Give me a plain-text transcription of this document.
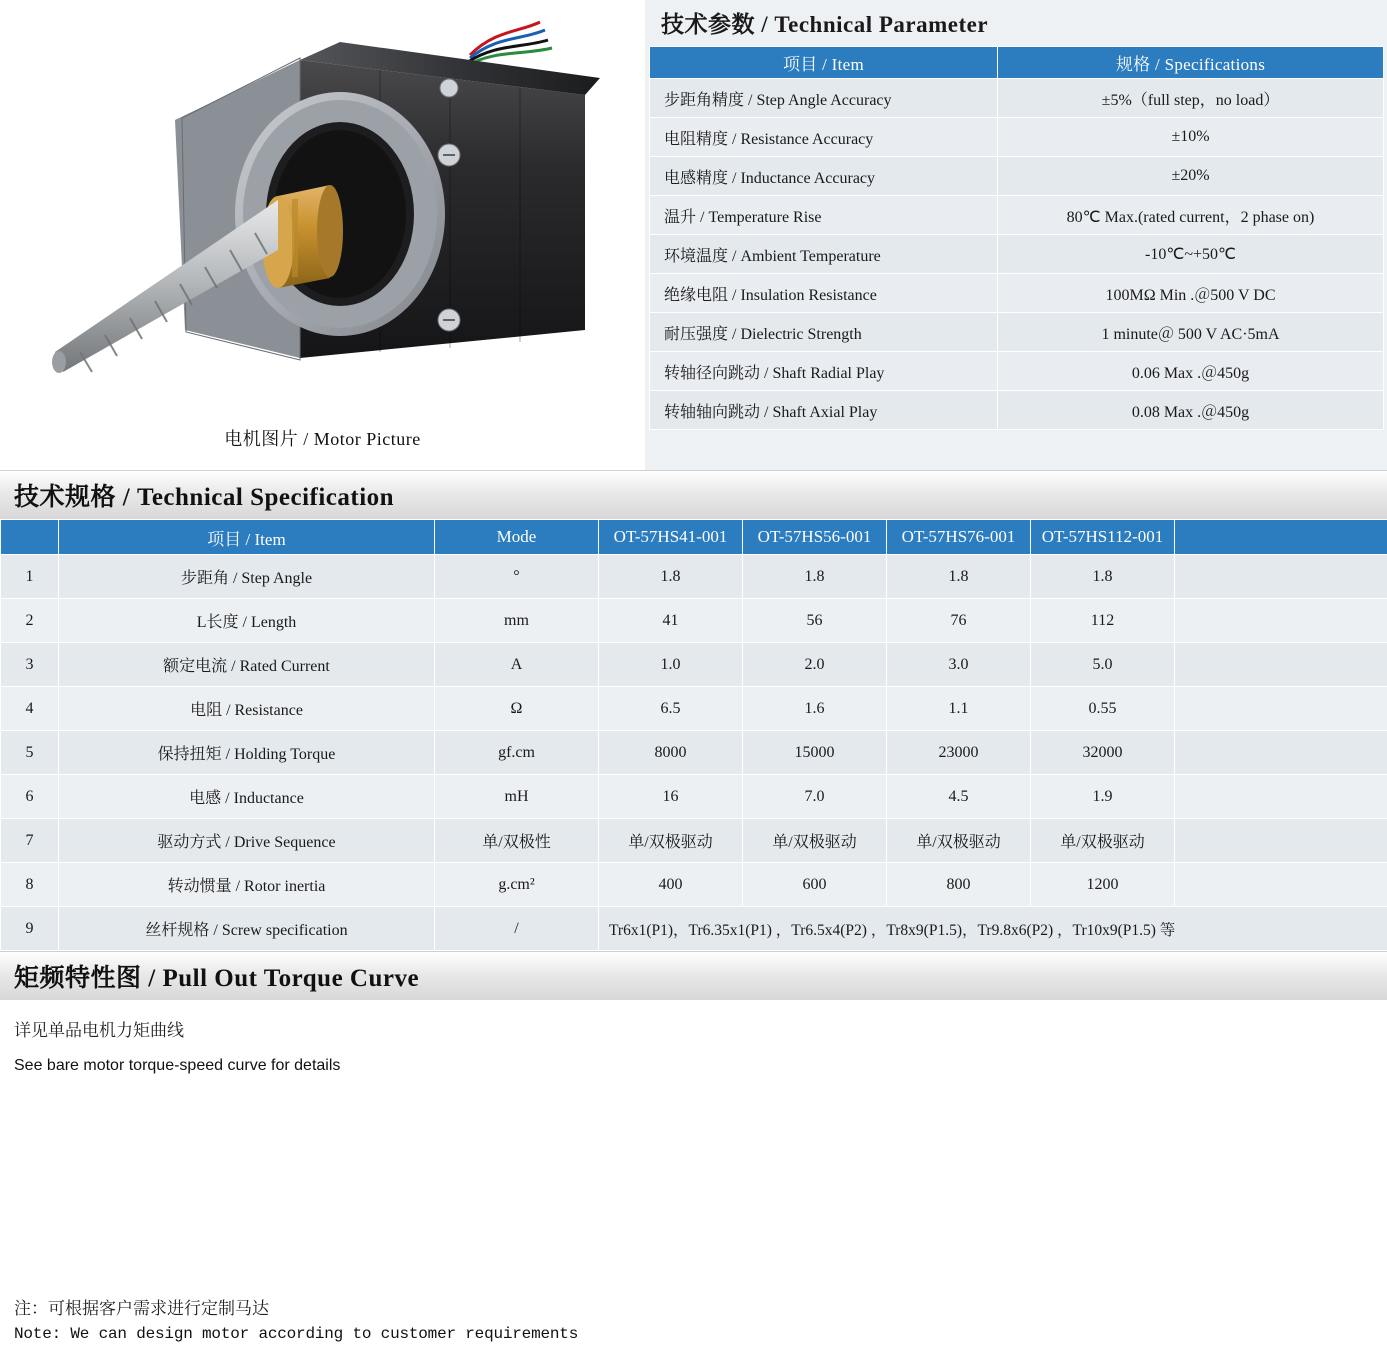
电机图片 / Motor Picture
技术参数 / Technical Parameter
项目 / Item	规格 / Specifications
步距角精度 / Step Angle Accuracy	±5%（full step，no load）
电阻精度 / Resistance Accuracy	±10%
电感精度 / Inductance Accuracy	±20%
温升 / Temperature Rise	80℃ Max.(rated current，2 phase on)
环境温度 / Ambient Temperature	-10℃~+50℃
绝缘电阻 / Insulation Resistance	100MΩ Min .＠500 V DC
耐压强度 / Dielectric Strength	1 minute＠ 500 V AC·5mA
转轴径向跳动 / Shaft Radial Play	0.06 Max .＠450g
转轴轴向跳动 / Shaft Axial Play	0.08 Max .＠450g
技术规格 / Technical Specification
	项目 / Item	Mode	OT-57HS41-001	OT-57HS56-001	OT-57HS76-001	OT-57HS112-001	
1	步距角 / Step Angle	°	1.8	1.8	1.8	1.8	
2	L长度 / Length	mm	41	56	76	112	
3	额定电流 / Rated Current	A	1.0	2.0	3.0	5.0	
4	电阻 / Resistance	Ω	6.5	1.6	1.1	0.55	
5	保持扭矩 / Holding Torque	gf.cm	8000	15000	23000	32000	
6	电感 / Inductance	mH	16	7.0	4.5	1.9	
7	驱动方式 / Drive Sequence	单/双极性	单/双极驱动	单/双极驱动	单/双极驱动	单/双极驱动	
8	转动惯量 / Rotor inertia	g.cm²	400	600	800	1200	
9	丝杆规格 / Screw specification	/	Tr6x1(P1)，Tr6.35x1(P1) ，Tr6.5x4(P2) ，Tr8x9(P1.5)，Tr9.8x6(P2) ，Tr10x9(P1.5) 等				
矩频特性图 / Pull Out Torque Curve
详见单品电机力矩曲线
See bare motor torque-speed curve for details
注：可根据客户需求进行定制马达
Note: We can design motor according to customer requirements
